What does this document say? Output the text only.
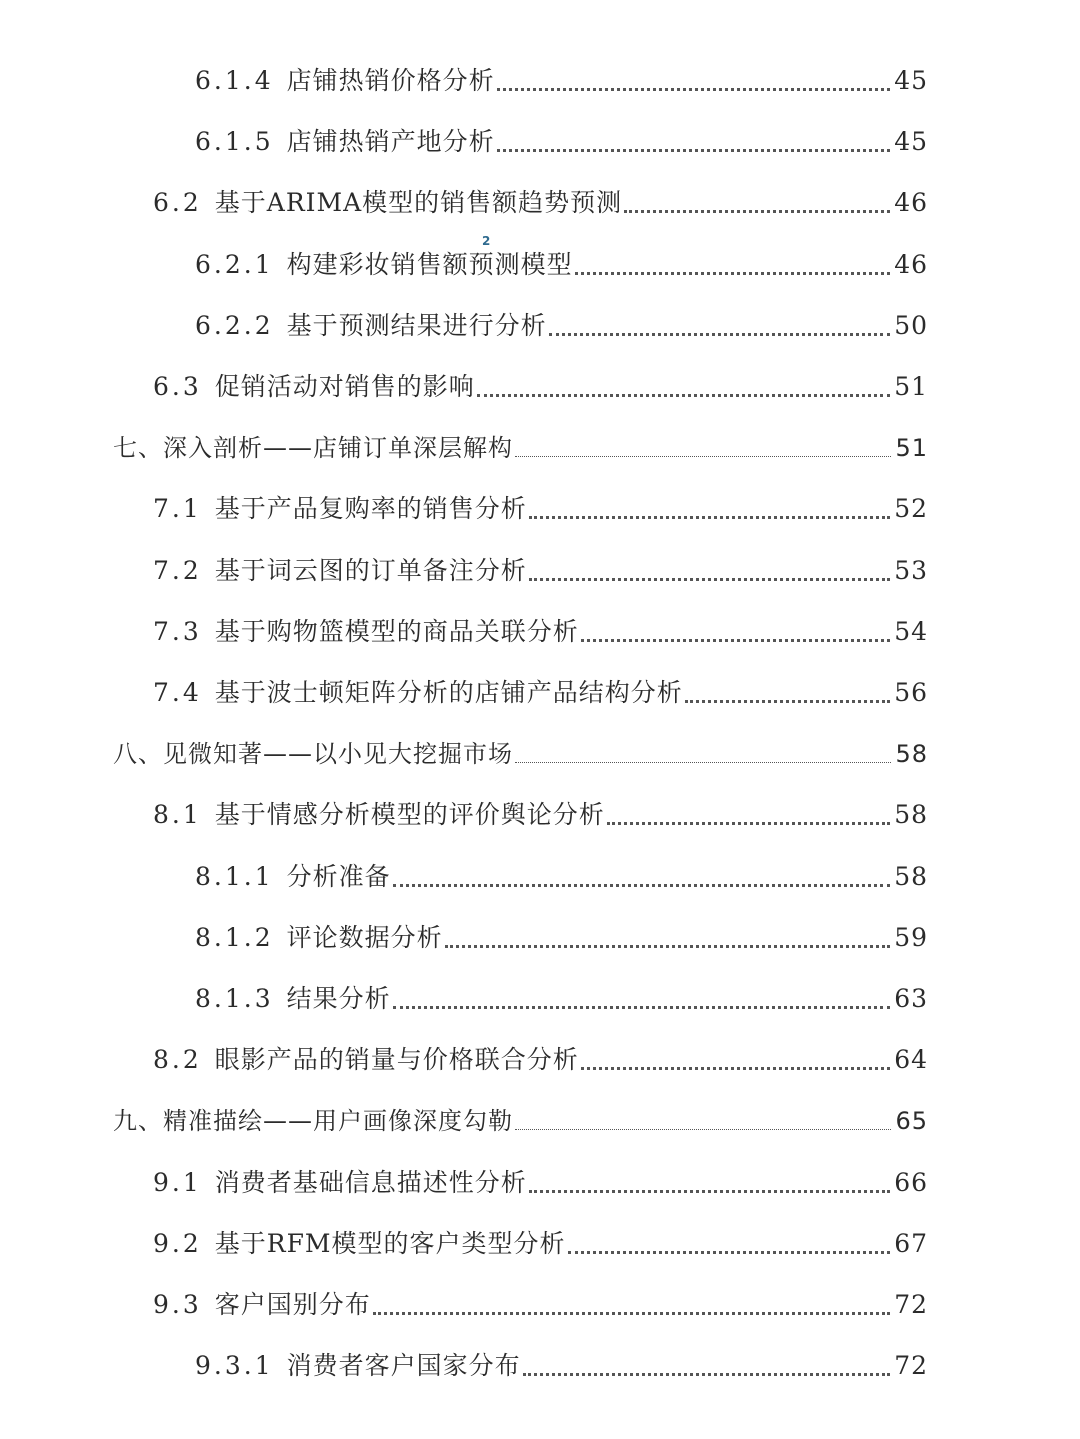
6.1.4 店铺热销价格分析	45
6.1.5 店铺热销产地分析	45
6.2 基于ARIMA模型的销售额趋势预测	46
6.2.1 构建彩妆销售额预测模型	46
6.2.2 基于预测结果进行分析	50
6.3 促销活动对销售的影响	51
七、深入剖析——店铺订单深层解构	51
7.1 基于产品复购率的销售分析	52
7.2 基于词云图的订单备注分析	53
7.3 基于购物篮模型的商品关联分析	54
7.4 基于波士顿矩阵分析的店铺产品结构分析	56
八、见微知著——以小见大挖掘市场	58
8.1 基于情感分析模型的评价舆论分析	58
8.1.1 分析准备	58
8.1.2 评论数据分析	59
8.1.3 结果分析	63
8.2 眼影产品的销量与价格联合分析	64
九、精准描绘——用户画像深度勾勒	65
9.1 消费者基础信息描述性分析	66
9.2 基于RFM模型的客户类型分析	67
9.3 客户国别分布	72
9.3.1 消费者客户国家分布	72
2
